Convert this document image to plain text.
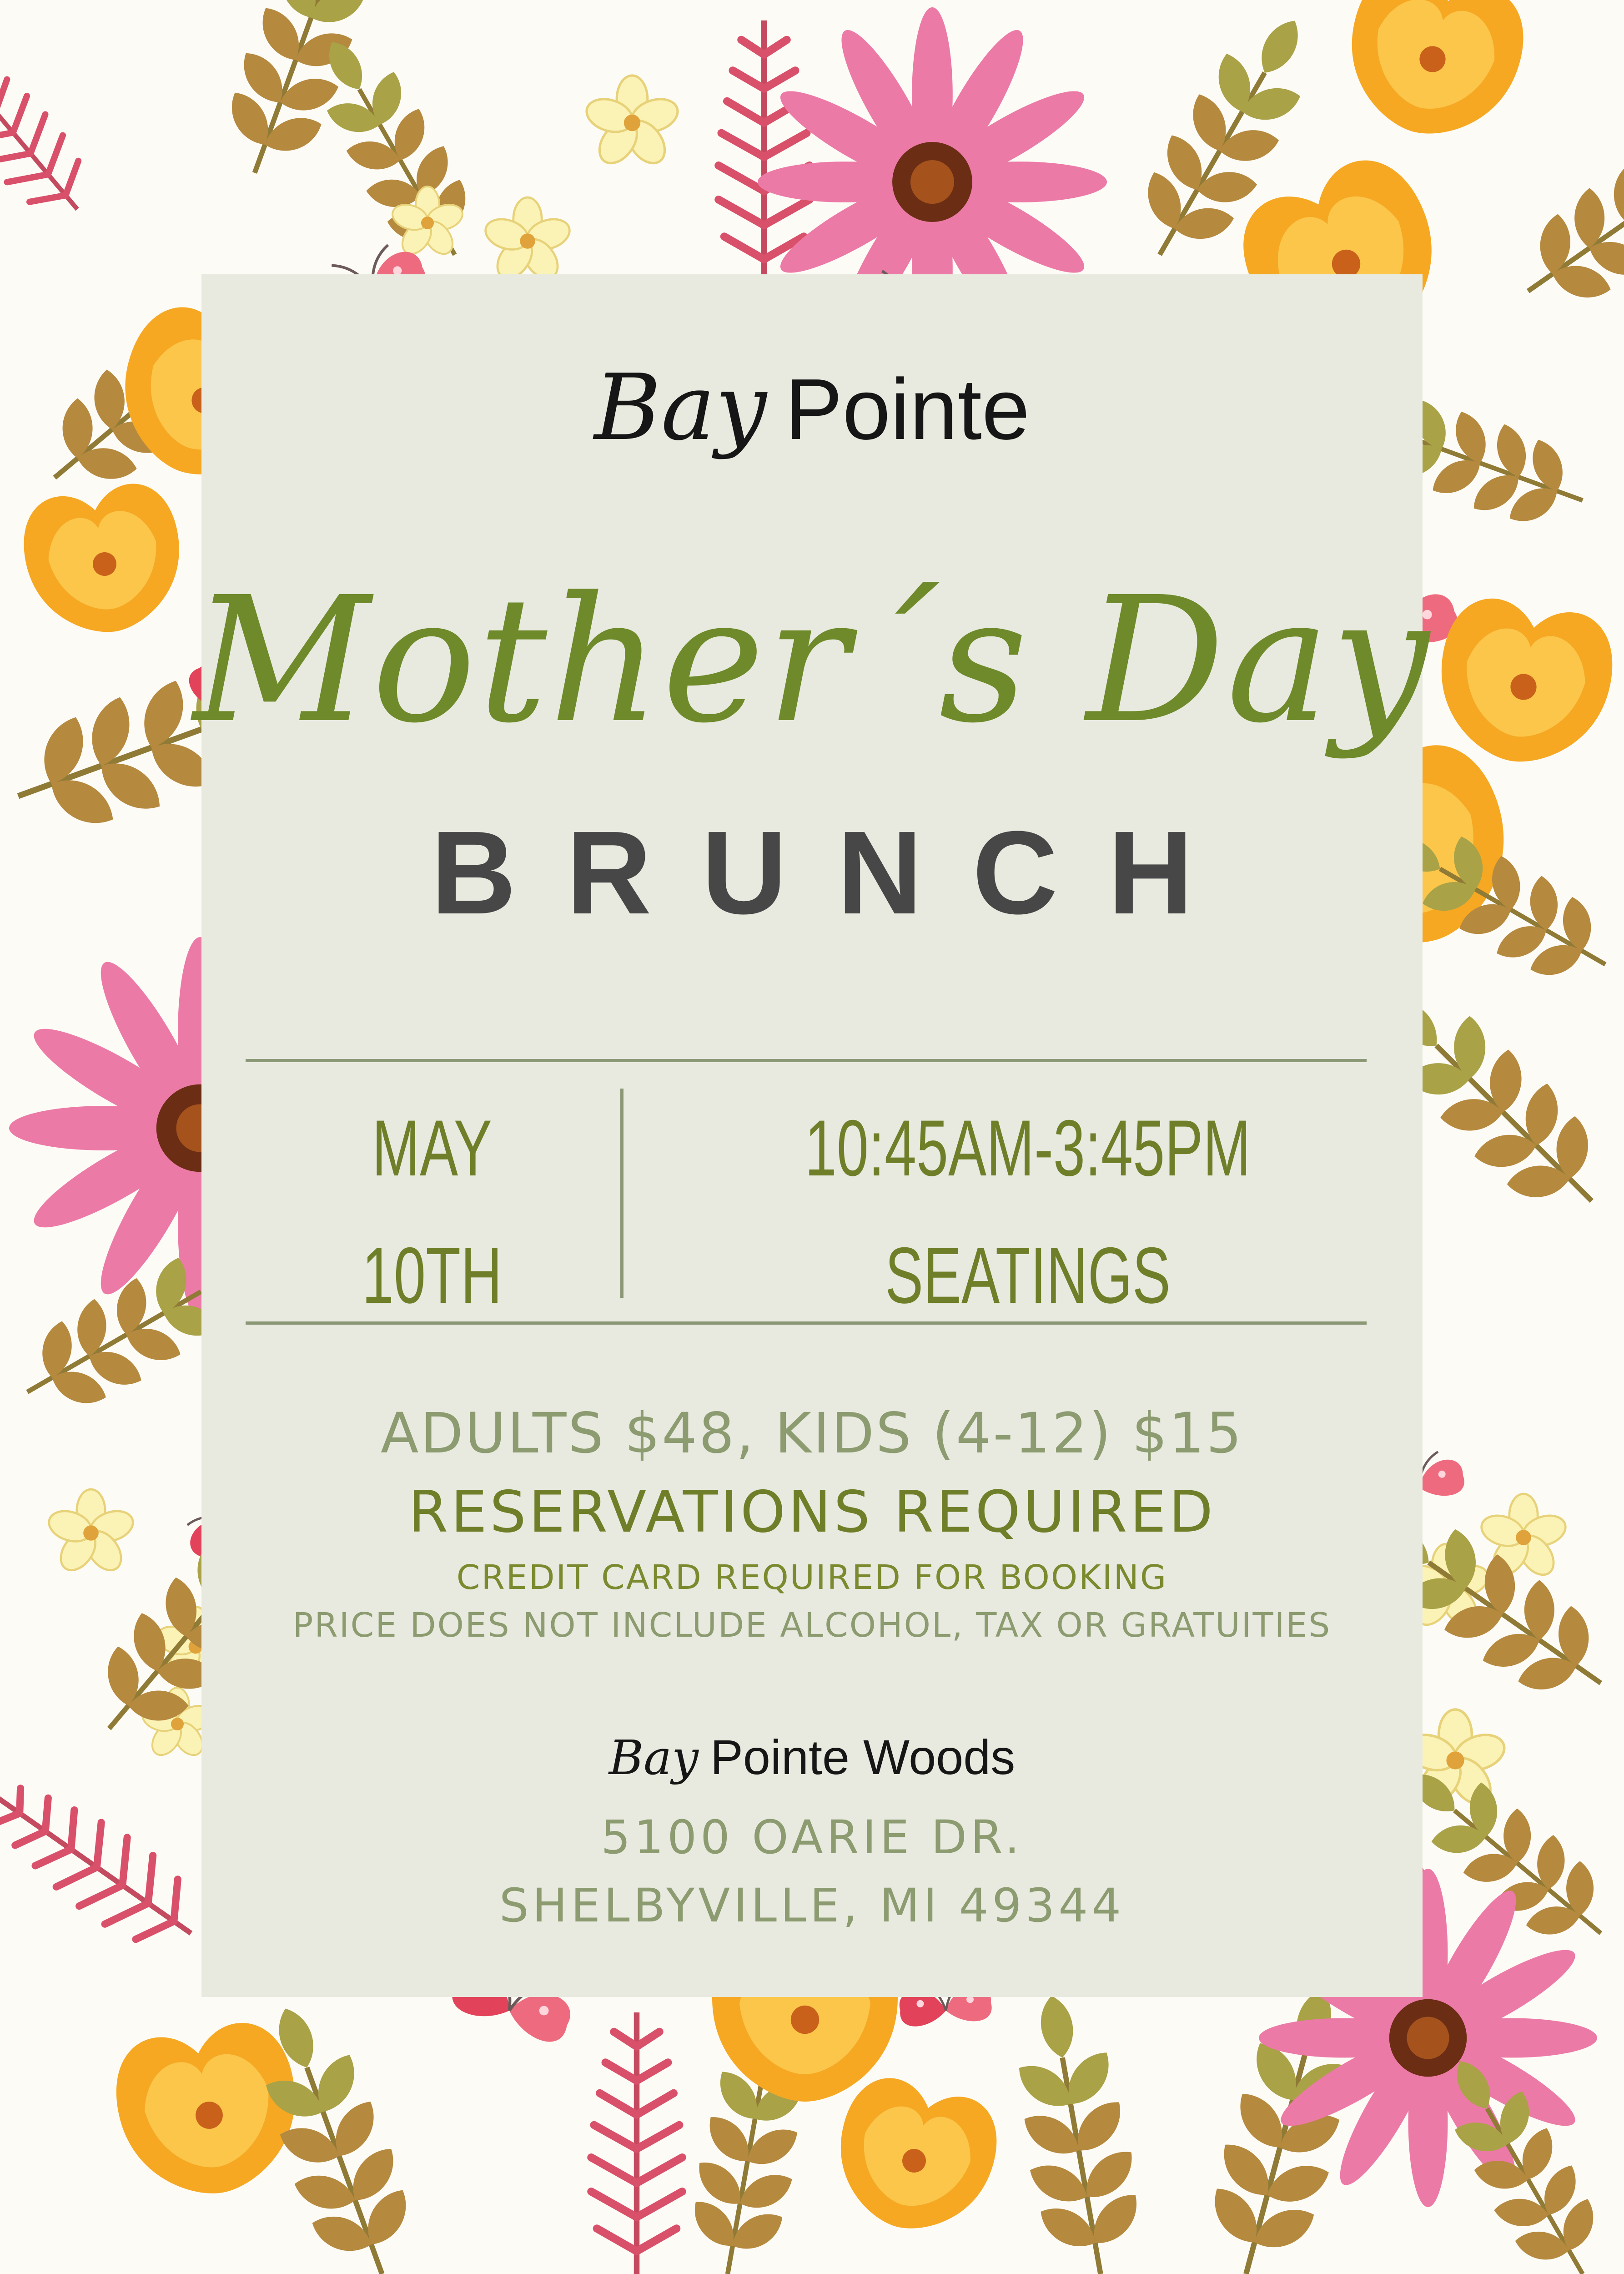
Bay Pointe
Mother´s Day
BRUNCH
MAY
10TH
10:45AM-3:45PM
SEATINGS
ADULTS $48, KIDS (4-12) $15
RESERVATIONS REQUIRED
CREDIT CARD REQUIRED FOR BOOKING
PRICE DOES NOT INCLUDE ALCOHOL, TAX OR GRATUITIES
Bay Pointe Woods
5100 OARIE DR.
SHELBYVILLE, MI 49344
